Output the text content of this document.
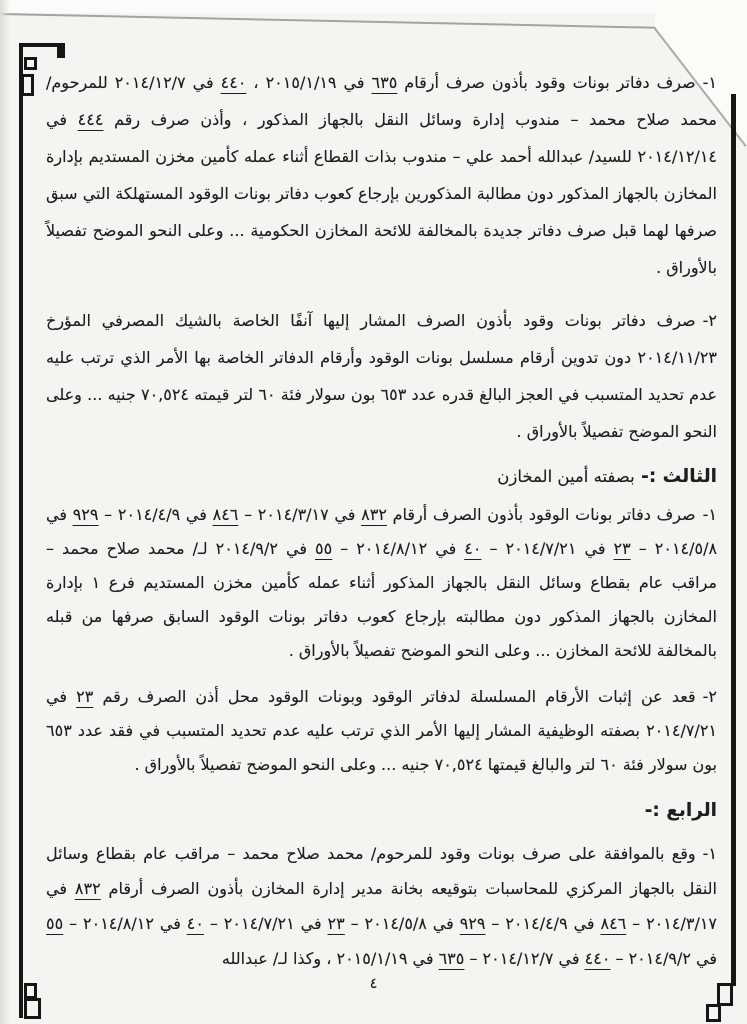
١-صرف دفاتر بونات وقود بأذون صرف أرقام ٦٣٥ في ٢٠١٥/١/١٩ ، ٤٤٠ في ٢٠١٤/١٢/٧ للمرحوم/ محمد صلاح محمد – مندوب إدارة وسائل النقل بالجهاز المذكور ، وأذن صرف رقم ٤٤٤ في ٢٠١٤/١٢/١٤ للسيد/ عبدالله أحمد علي – مندوب بذات القطاع أثناء عمله كأمين مخزن المستديم بإدارة المخازن بالجهاز المذكور دون مطالبة المذكورين بإرجاع كعوب دفاتر بونات الوقود المستهلكة التي سبق صرفها لهما قبل صرف دفاتر جديدة بالمخالفة للائحة المخازن الحكومية ... وعلى النحو الموضح تفصيلاً بالأوراق .

٢-صرف دفاتر بونات وقود بأذون الصرف المشار إليها آنفًا الخاصة بالشيك المصرفي المؤرخ ٢٠١٤/١١/٢٣ دون تدوين أرقام مسلسل بونات الوقود وأرقام الدفاتر الخاصة بها الأمر الذي ترتب عليه عدم تحديد المتسبب في العجز البالغ قدره عدد ٦٥٣ بون سولار فئة ٦٠ لتر قيمته ٧٠,٥٢٤ جنيه ... وعلى النحو الموضح تفصيلاً بالأوراق .

الثالث :- بصفته أمين المخازن

١-صرف دفاتر بونات الوقود بأذون الصرف أرقام ٨٣٢ في ٢٠١٤/٣/١٧ – ٨٤٦ في ٢٠١٤/٤/٩ – ٩٢٩ في ٢٠١٤/٥/٨ – ٢٣ في ٢٠١٤/٧/٢١ – ٤٠ في ٢٠١٤/٨/١٢ – ٥٥ في ٢٠١٤/٩/٢ لـ/ محمد صلاح محمد – مراقب عام بقطاع وسائل النقل بالجهاز المذكور أثناء عمله كأمين مخزن المستديم فرع ١ بإدارة المخازن بالجهاز المذكور دون مطالبته بإرجاع كعوب دفاتر بونات الوقود السابق صرفها من قبله بالمخالفة للائحة المخازن ... وعلى النحو الموضح تفصيلاً بالأوراق .

٢-قعد عن إثبات الأرقام المسلسلة لدفاتر الوقود وبونات الوقود محل أذن الصرف رقم ٢٣ في ٢٠١٤/٧/٢١ بصفته الوظيفية المشار إليها الأمر الذي ترتب عليه عدم تحديد المتسبب في فقد عدد ٦٥٣ بون سولار فئة ٦٠ لتر والبالغ قيمتها ٧٠,٥٢٤ جنيه ... وعلى النحو الموضح تفصيلاً بالأوراق .

الرابع :-

١-وقع بالموافقة على صرف بونات وقود للمرحوم/ محمد صلاح محمد – مراقب عام بقطاع وسائل النقل بالجهاز المركزي للمحاسبات بتوقيعه بخانة مدير إدارة المخازن بأذون الصرف أرقام ٨٣٢ في ٢٠١٤/٣/١٧ – ٨٤٦ في ٢٠١٤/٤/٩ – ٩٢٩ في ٢٠١٤/٥/٨ – ٢٣ في ٢٠١٤/٧/٢١ – ٤٠ في ٢٠١٤/٨/١٢ – ٥٥ في ٢٠١٤/٩/٢ – ٤٤٠ في ٢٠١٤/١٢/٧ – ٦٣٥ في ٢٠١٥/١/١٩ ، وكذا لـ/ عبدالله

٤
